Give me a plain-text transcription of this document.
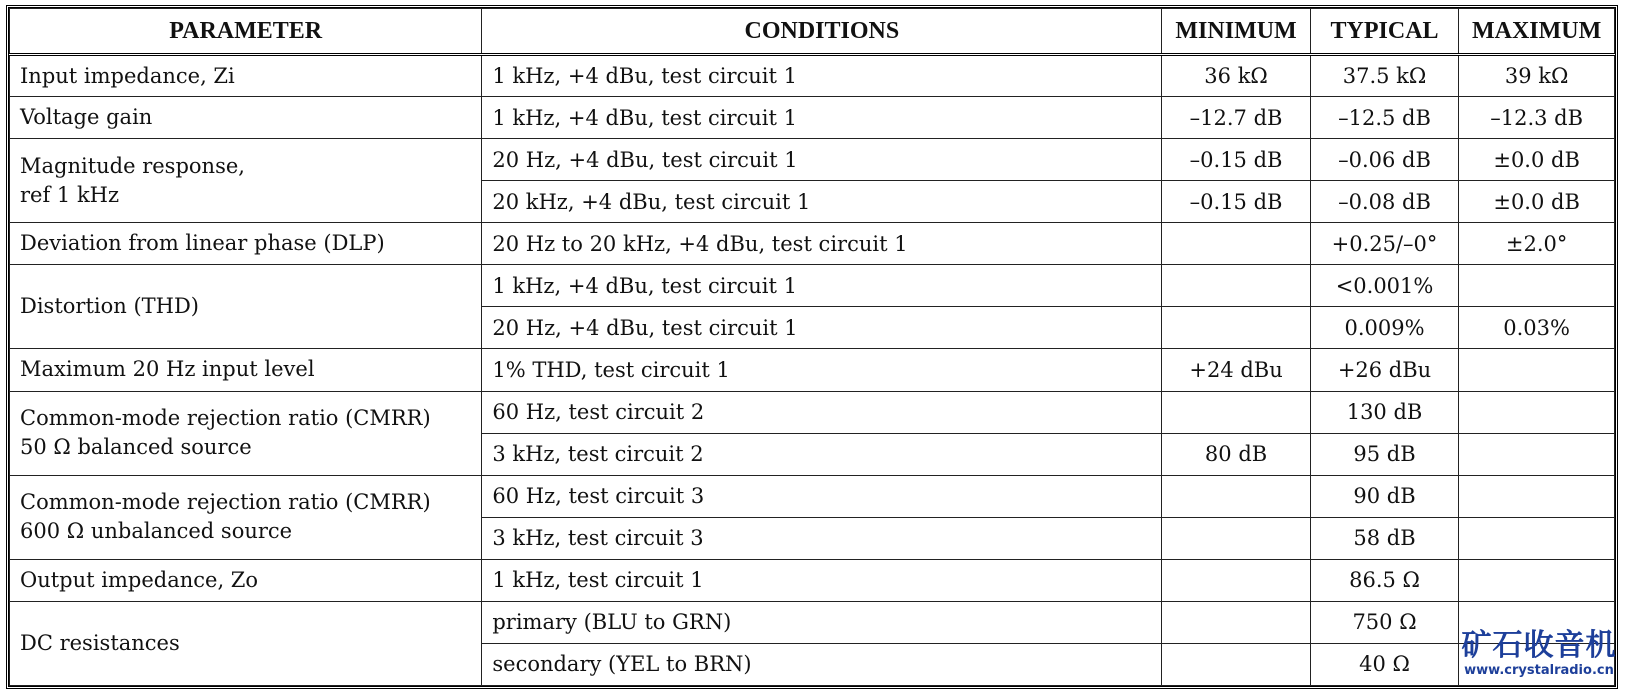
PARAMETER	CONDITIONS	MINIMUM	TYPICAL	MAXIMUM
Input impedance, Zi	1 kHz, +4 dBu, test circuit 1	36 kΩ	37.5 kΩ	39 kΩ
Voltage gain	1 kHz, +4 dBu, test circuit 1	–12.7 dB	–12.5 dB	–12.3 dB
Magnitude response, ref 1 kHz	20 Hz, +4 dBu, test circuit 1	–0.15 dB	–0.06 dB	±0.0 dB
	20 kHz, +4 dBu, test circuit 1	–0.15 dB	–0.08 dB	±0.0 dB
Deviation from linear phase (DLP)	20 Hz to 20 kHz, +4 dBu, test circuit 1		+0.25/–0°	±2.0°
Distortion (THD)	1 kHz, +4 dBu, test circuit 1		<0.001%	
	20 Hz, +4 dBu, test circuit 1		0.009%	0.03%
Maximum 20 Hz input level	1% THD, test circuit 1	+24 dBu	+26 dBu	

Common-mode rejection ratio (CMRR)
50 Ω balanced source	60 Hz, test circuit 2		130 dB	
	3 kHz, test circuit 2	80 dB	95 dB	

Common-mode rejection ratio (CMRR)
600 Ω unbalanced source	60 Hz, test circuit 3		90 dB	
	3 kHz, test circuit 3		58 dB	
Output impedance, Zo	1 kHz, test circuit 1		86.5 Ω	
DC resistances	primary (BLU to GRN)		750 Ω	
	secondary (YEL to BRN)		40 Ω	
矿石收音机
www.crystalradio.cn
